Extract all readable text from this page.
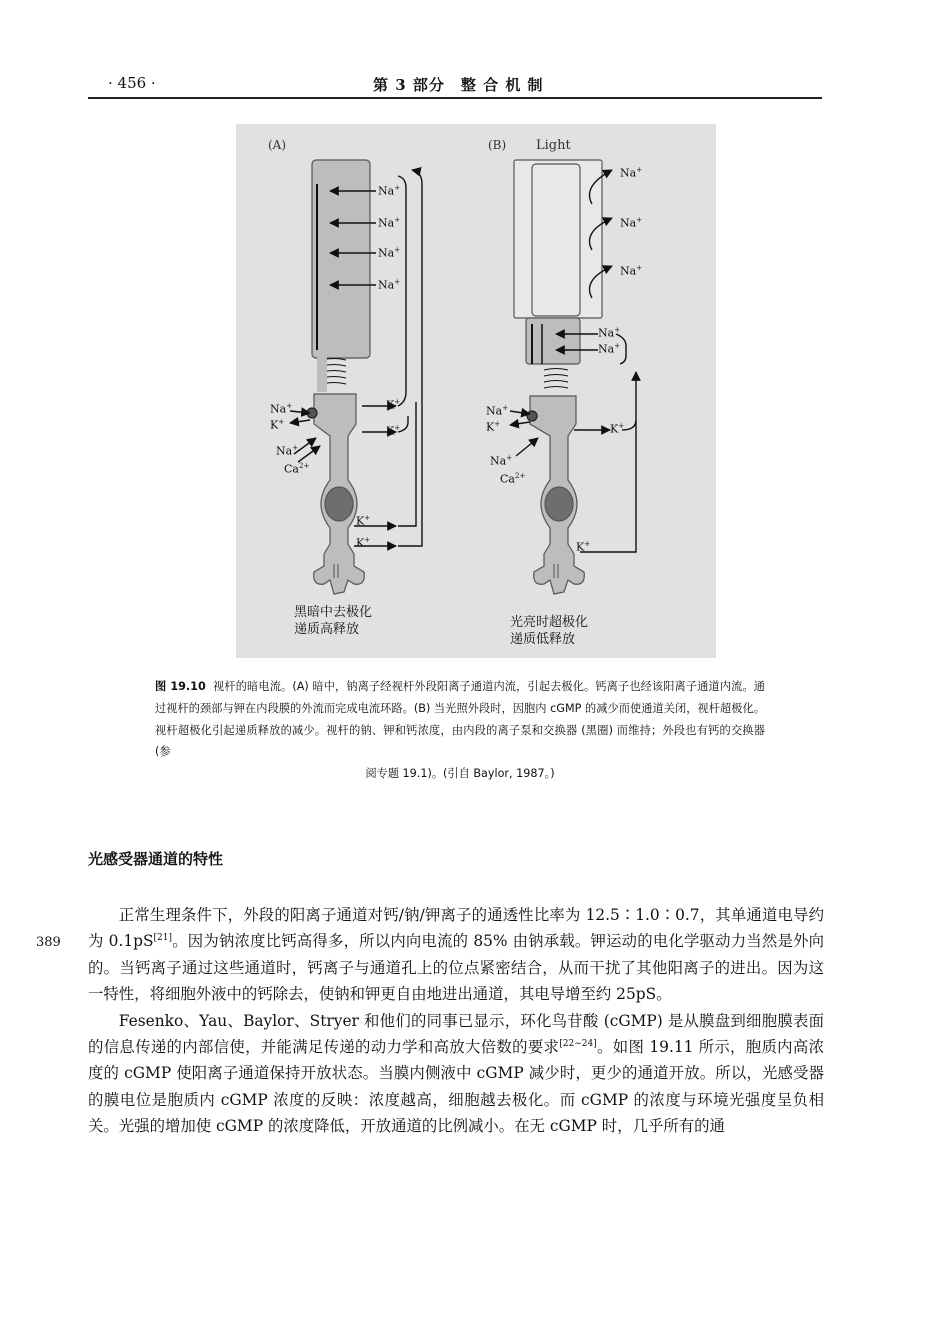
· 456 ·	第 3 部分　整 合 机 制
(A)	(B) Light
Na+
Na+
Na+
Na+
K+
K+
Na+
K+
Na+
$Ca^{2+}$
K+
K+
Na+
Na+
Na+
Na+
Na+
K+
Na+
K+
Na+
$Ca^{2+}$
K+
黑暗中去极化
递质高释放	光亮时超极化
递质低释放
图 19.10 视杆的暗电流。(A) 暗中，钠离子经视杆外段阳离子通道内流，引起去极化。钙离子也经该阳离子通道内流。通过视杆的颈部与钾在内段膜的外流而完成电流环路。(B) 当光照外段时，因胞内 cGMP 的减少而使通道关闭，视杆超极化。视杆超极化引起递质释放的减少。视杆的钠、钾和钙浓度，由内段的离子泵和交换器 (黑圈) 而维持；外段也有钙的交换器 (参
阅专题 19.1)。(引自 Baylor, 1987。)
光感受器通道的特性
389

正常生理条件下，外段的阳离子通道对钙/钠/钾离子的通透性比率为 12.5∶1.0∶0.7，其单通道电导约为 0.1pS[21]。因为钠浓度比钙高得多，所以内向电流的 85% 由钠承载。钾运动的电化学驱动力当然是外向的。当钙离子通过这些通道时，钙离子与通道孔上的位点紧密结合，从而干扰了其他阳离子的进出。因为这一特性，将细胞外液中的钙除去，使钠和钾更自由地进出通道，其电导增至约 25pS。

Fesenko、Yau、Baylor、Stryer 和他们的同事已显示，环化鸟苷酸 (cGMP) 是从膜盘到细胞膜表面的信息传递的内部信使，并能满足传递的动力学和高放大倍数的要求[22~24]。如图 19.11 所示，胞质内高浓度的 cGMP 使阳离子通道保持开放状态。当膜内侧液中 cGMP 减少时，更少的通道开放。所以，光感受器的膜电位是胞质内 cGMP 浓度的反映：浓度越高，细胞越去极化。而 cGMP 的浓度与环境光强度呈负相关。光强的增加使 cGMP 的浓度降低，开放通道的比例减小。在无 cGMP 时，几乎所有的通
